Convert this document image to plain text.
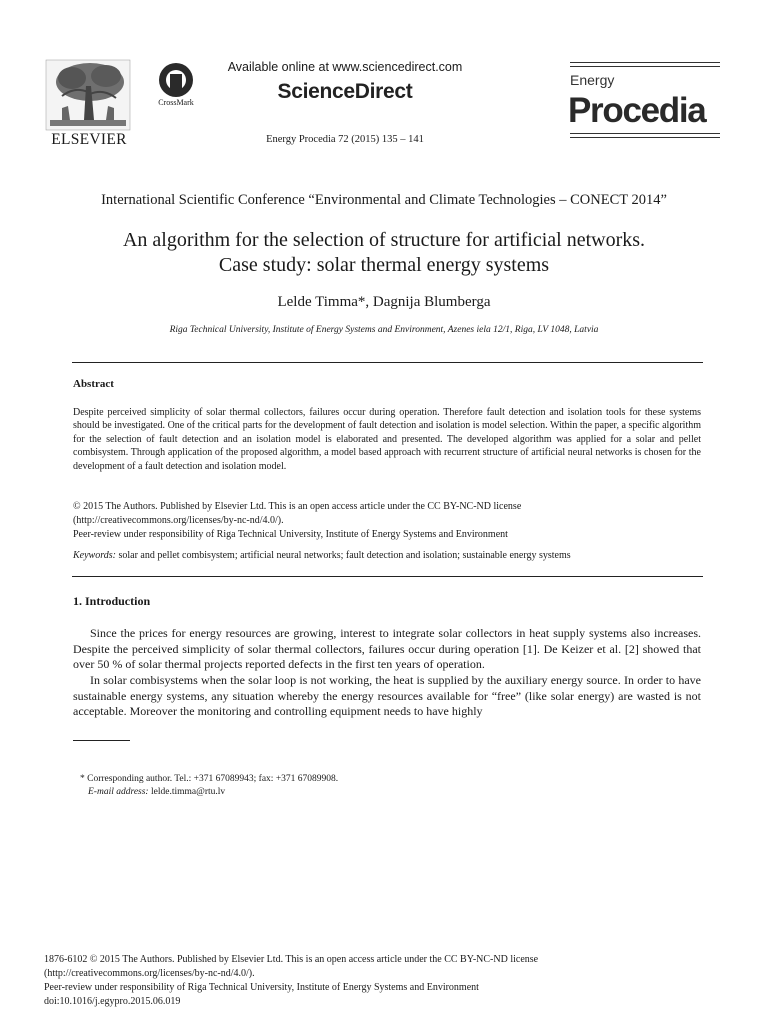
ELSEVIER
CrossMark
Available online at www.sciencedirect.com
ScienceDirect
Energy Procedia 72 (2015) 135 – 141
Energy
Procedia
International Scientific Conference “Environmental and Climate Technologies – CONECT 2014”
An algorithm for the selection of structure for artificial networks.
Case study: solar thermal energy systems
Lelde Timma*, Dagnija Blumberga
Riga Technical University, Institute of Energy Systems and Environment, Azenes iela 12/1, Riga, LV 1048, Latvia
Abstract
Despite perceived simplicity of solar thermal collectors, failures occur during operation. Therefore fault detection and isolation tools for these systems should be investigated. One of the critical parts for the development of fault detection and isolation is model selection. Within the paper, a specific algorithm for the selection of fault detection and an isolation model is elaborated and presented. The developed algorithm was applied for a solar and pellet combisystem. Through application of the proposed algorithm, a model based approach with recurrent structure of artificial neural networks is chosen for the development of a fault detection and isolation model.
© 2015 The Authors. Published by Elsevier Ltd. This is an open access article under the CC BY-NC-ND license
(http://creativecommons.org/licenses/by-nc-nd/4.0/).
Peer-review under responsibility of Riga Technical University, Institute of Energy Systems and Environment
Keywords: solar and pellet combisystem; artificial neural networks; fault detection and isolation; sustainable energy systems
1. Introduction
Since the prices for energy resources are growing, interest to integrate solar collectors in heat supply systems also increases. Despite the perceived simplicity of solar thermal collectors, failures occur during operation [1]. De Keizer et al. [2] showed that over 50 % of solar thermal projects reported defects in the first ten years of operation.
In solar combisystems when the solar loop is not working, the heat is supplied by the auxiliary energy source. In order to have sustainable energy systems, any situation whereby the energy resources available for “free” (like solar energy) are wasted is not acceptable. Moreover the monitoring and controlling equipment needs to have highly
* Corresponding author. Tel.: +371 67089943; fax: +371 67089908.
E-mail address: lelde.timma@rtu.lv
1876-6102 © 2015 The Authors. Published by Elsevier Ltd. This is an open access article under the CC BY-NC-ND license
(http://creativecommons.org/licenses/by-nc-nd/4.0/).
Peer-review under responsibility of Riga Technical University, Institute of Energy Systems and Environment
doi:10.1016/j.egypro.2015.06.019
